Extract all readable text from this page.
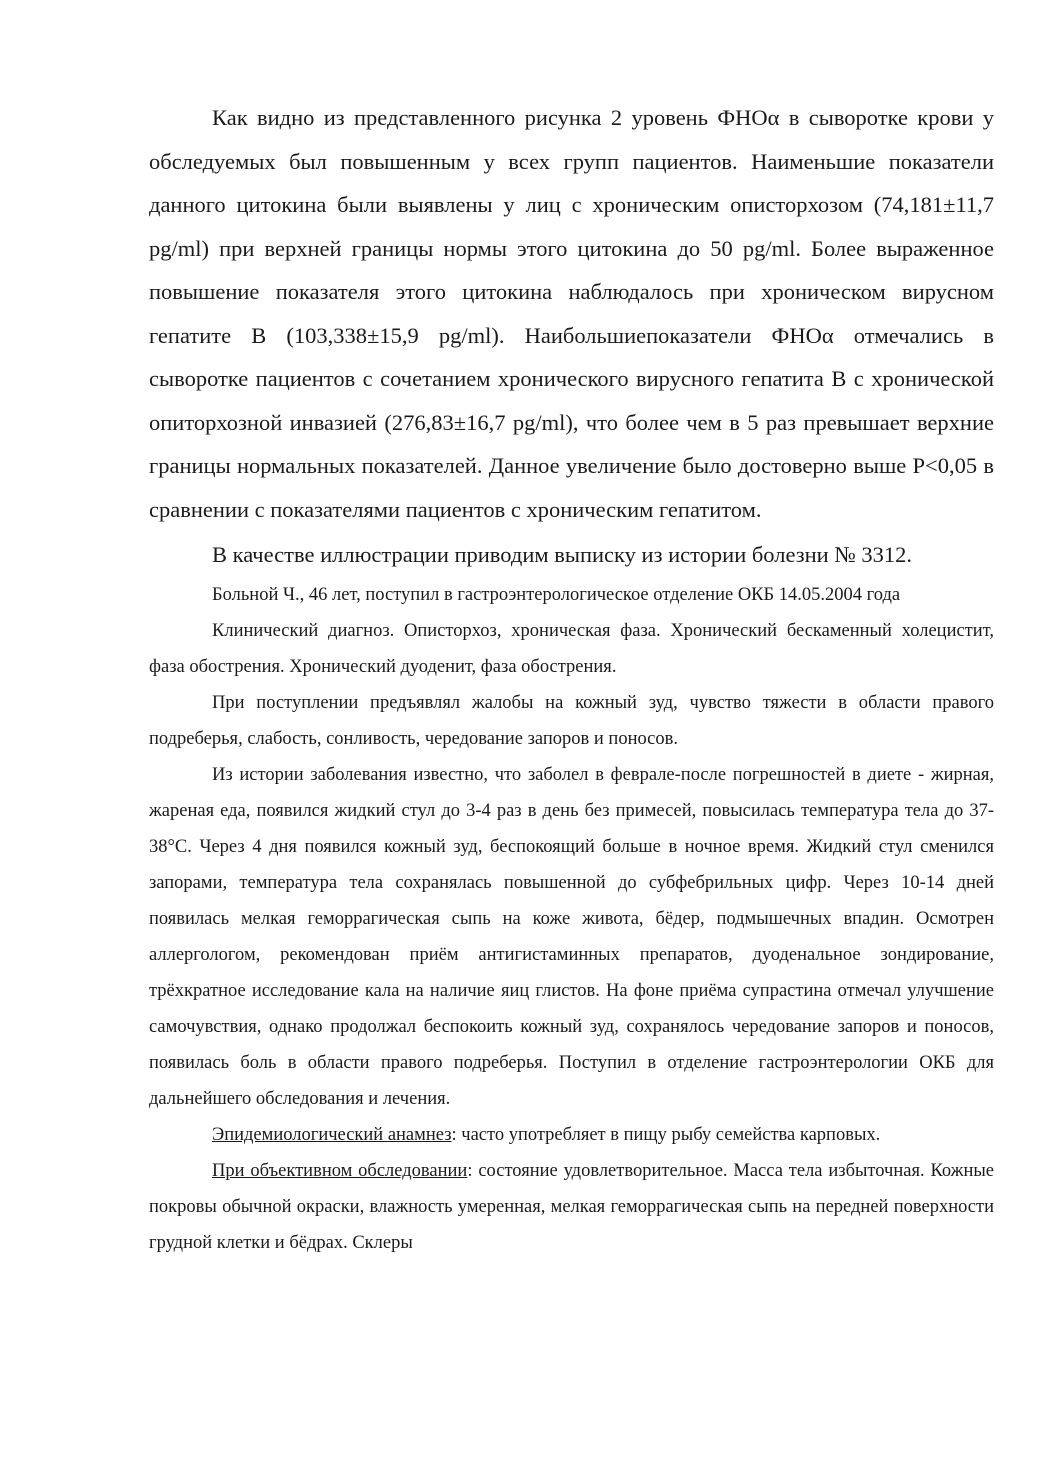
Как видно из представленного рисунка 2 уровень ФНОα в сыворотке крови у обследуемых был повышенным у всех групп пациентов. Наименьшие показатели данного цитокина были выявлены у лиц с хроническим описторхозом (74,181±11,7 pg/ml) при верхней границы нормы этого цитокина до 50 pg/ml. Более выраженное повышение показателя этого цитокина наблюдалось при хроническом вирусном гепатите В (103,338±15,9 pg/ml). Наибольшиепоказатели ФНОα отмечались в сыворотке пациентов с сочетанием хронического вирусного гепатита В с хронической опиторхозной инвазией (276,83±16,7 pg/ml), что более чем в 5 раз превышает верхние границы нормальных показателей. Данное увеличение было достоверно выше Р<0,05 в сравнении с показателями пациентов с хроническим гепатитом.

В качестве иллюстрации приводим выписку из истории болезни № 3312.

Больной Ч., 46 лет, поступил в гастроэнтерологическое отделение ОКБ 14.05.2004 года

Клинический диагноз. Описторхоз, хроническая фаза. Хронический бескаменный холецистит, фаза обострения. Хронический дуоденит, фаза обострения.

При поступлении предъявлял жалобы на кожный зуд, чувство тяжести в области правого подреберья, слабость, сонливость, чередование запоров и поносов.

Из истории заболевания известно, что заболел в феврале-после погрешностей в диете - жирная, жареная еда, появился жидкий стул до 3-4 раз в день без примесей, повысилась температура тела до 37-38°С. Через 4 дня появился кожный зуд, беспокоящий больше в ночное время. Жидкий стул сменился запорами, температура тела сохранялась повышенной до субфебрильных цифр. Через 10-14 дней появилась мелкая геморрагическая сыпь на коже живота, бёдер, подмышечных впадин. Осмотрен аллергологом, рекомендован приём антигистаминных препаратов, дуоденальное зондирование, трёхкратное исследование кала на наличие яиц глистов. На фоне приёма супрастина отмечал улучшение самочувствия, однако продолжал беспокоить кожный зуд, сохранялось чередование запоров и поносов, появилась боль в области правого подреберья. Поступил в отделение гастроэнтерологии ОКБ для дальнейшего обследования и лечения.

Эпидемиологический анамнез: часто употребляет в пищу рыбу семейства карповых.

При объективном обследовании: состояние удовлетворительное. Масса тела избыточная. Кожные покровы обычной окраски, влажность умеренная, мелкая геморрагическая сыпь на передней поверхности грудной клетки и бёдрах. Склеры
